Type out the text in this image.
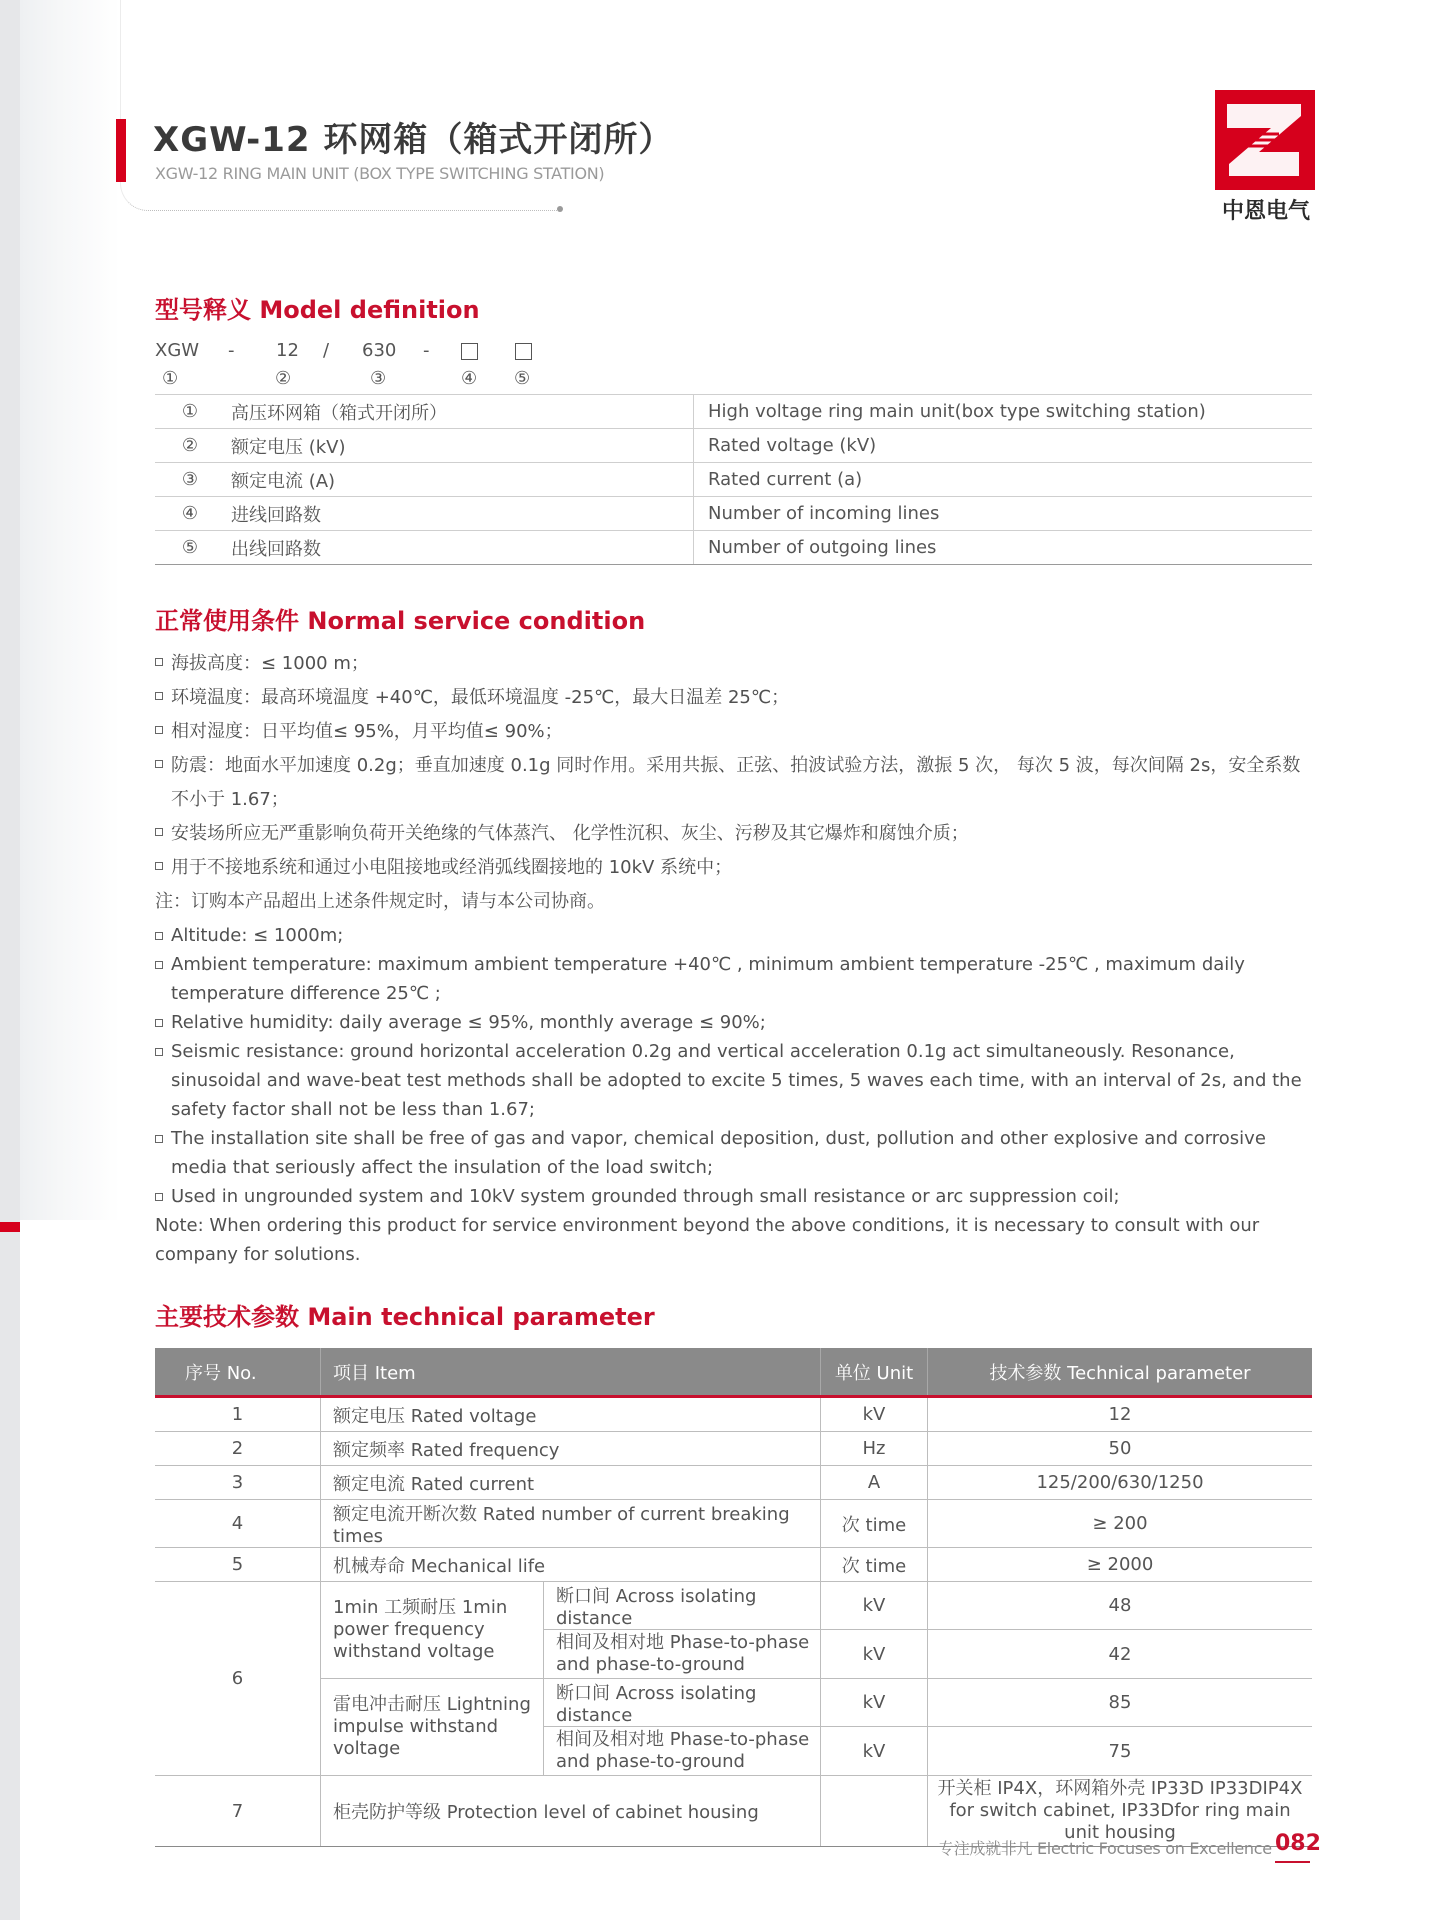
XGW-12 环网箱（箱式开闭所）
XGW-12 RING MAIN UNIT (BOX TYPE SWITCHING STATION)
中恩电气
型号释义 Model definition
XGW - 12 / 630 -
①	②	③	④ ⑤
①	高压环网箱（箱式开闭所）	High voltage ring main unit(box type switching station)
②	额定电压 (kV)	Rated voltage (kV)
③	额定电流 (A)	Rated current (a)
④	进线回路数	Number of incoming lines
⑤	出线回路数	Number of outgoing lines
正常使用条件 Normal service condition
海拔高度：≤ 1000 m；
环境温度：最高环境温度 +40℃，最低环境温度 -25℃，最大日温差 25℃；
相对湿度：日平均值≤ 95%，月平均值≤ 90%；
防震：地面水平加速度 0.2g；垂直加速度 0.1g 同时作用。采用共振、正弦、拍波试验方法，激振 5 次， 每次 5 波，每次间隔 2s，安全系数不小于 1.67；
安装场所应无严重影响负荷开关绝缘的气体蒸汽、 化学性沉积、灰尘、污秽及其它爆炸和腐蚀介质；
用于不接地系统和通过小电阻接地或经消弧线圈接地的 10kV 系统中；
注：订购本产品超出上述条件规定时，请与本公司协商。
Altitude: ≤ 1000m;
Ambient temperature: maximum ambient temperature +40℃ , minimum ambient temperature -25℃ , maximum daily temperature difference 25℃ ;
Relative humidity: daily average ≤ 95%, monthly average ≤ 90%;
Seismic resistance: ground horizontal acceleration 0.2g and vertical acceleration 0.1g act simultaneously. Resonance, sinusoidal and wave-beat test methods shall be adopted to excite 5 times, 5 waves each time, with an interval of 2s, and the safety factor shall not be less than 1.67;
The installation site shall be free of gas and vapor, chemical deposition, dust, pollution and other explosive and corrosive media that seriously affect the insulation of the load switch;
Used in ungrounded system and 10kV system grounded through small resistance or arc suppression coil;
Note: When ordering this product for service environment beyond the above conditions, it is necessary to consult with our company for solutions.
主要技术参数 Main technical parameter
序号 No.	项目 Item		单位 Unit	技术参数 Technical parameter
1	额定电压 Rated voltage		kV	12
2	额定频率 Rated frequency		Hz	50
3	额定电流 Rated current		A	125/200/630/1250
4	额定电流开断次数 Rated number of current breaking times		次 time	≥ 200
5	机械寿命 Mechanical life		次 time	≥ 2000
6	1min 工频耐压 1min power frequency withstand voltage	断口间 Across isolating distance	kV	48
		相间及相对地 Phase-to-phase and phase-to-ground	kV	42
	雷电冲击耐压 Lightning impulse withstand voltage	断口间 Across isolating distance	kV	85
		相间及相对地 Phase-to-phase and phase-to-ground	kV	75
7	柜壳防护等级 Protection level of cabinet housing			开关柜 IP4X，环网箱外壳 IP33D IP33DIP4X for switch cabinet, IP33Dfor ring main unit housing
专注成就非凡 Electric Focuses on Excellence 082
